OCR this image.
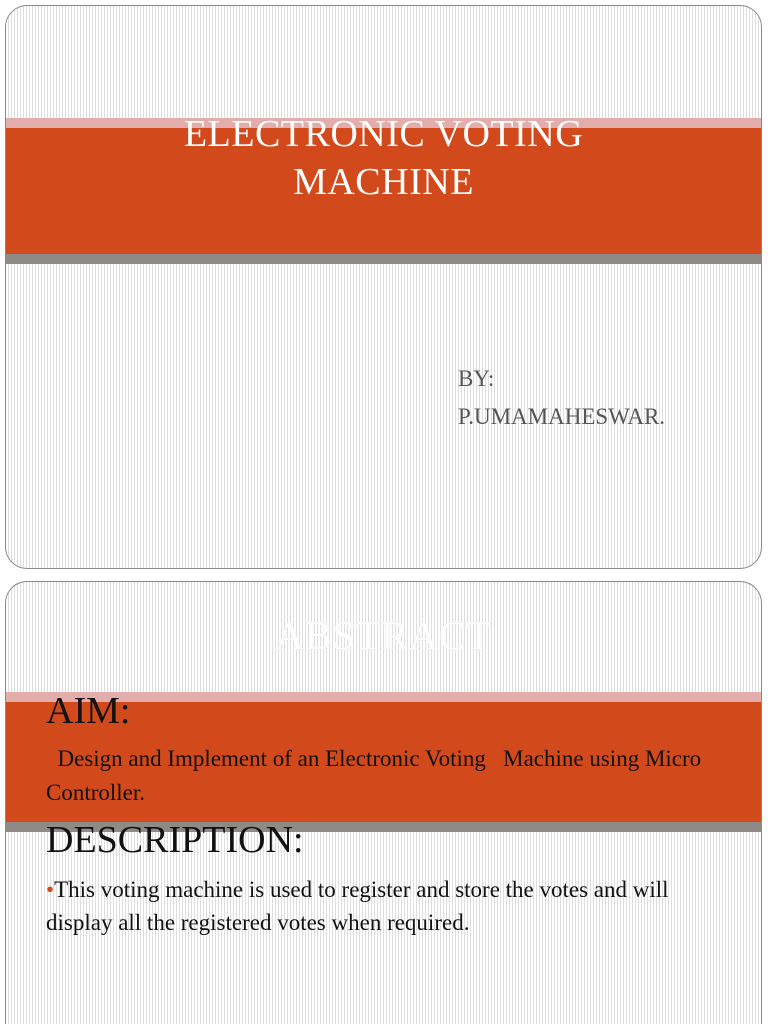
ELECTRONIC VOTING
MACHINE
BY:
P.UMAMAHESWAR.
ABSTRACT
AIM:
Design and Implement of an Electronic Voting   Machine using Micro Controller.
DESCRIPTION:
•This voting machine is used to register and store the votes and will display all the registered votes when required.
